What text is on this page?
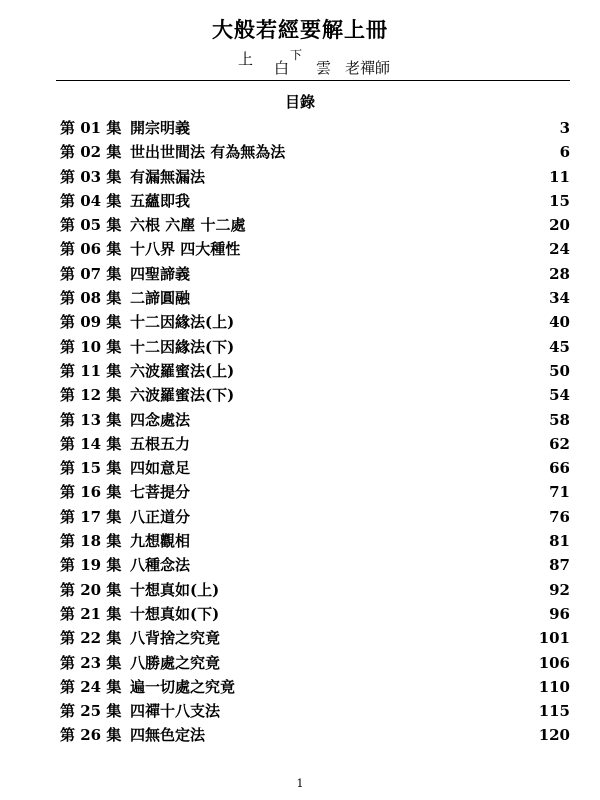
大般若經要解上冊
上 白
下
雲 老禪師
目錄
第 01 集 開宗明義	3
第 02 集 世出世間法 有為無為法	6
第 03 集 有漏無漏法	11
第 04 集 五蘊即我	15
第 05 集 六根 六塵 十二處	20
第 06 集 十八界 四大種性	24
第 07 集 四聖諦義	28
第 08 集 二諦圓融	34
第 09 集 十二因緣法(上)	40
第 10 集 十二因緣法(下)	45
第 11 集 六波羅蜜法(上)	50
第 12 集 六波羅蜜法(下)	54
第 13 集 四念處法	58
第 14 集 五根五力	62
第 15 集 四如意足	66
第 16 集 七菩提分	71
第 17 集 八正道分	76
第 18 集 九想觀相	81
第 19 集 八種念法	87
第 20 集 十想真如(上)	92
第 21 集 十想真如(下)	96
第 22 集 八背捨之究竟	101
第 23 集 八勝處之究竟	106
第 24 集 遍一切處之究竟	110
第 25 集 四禪十八支法	115
第 26 集 四無色定法	120
1
